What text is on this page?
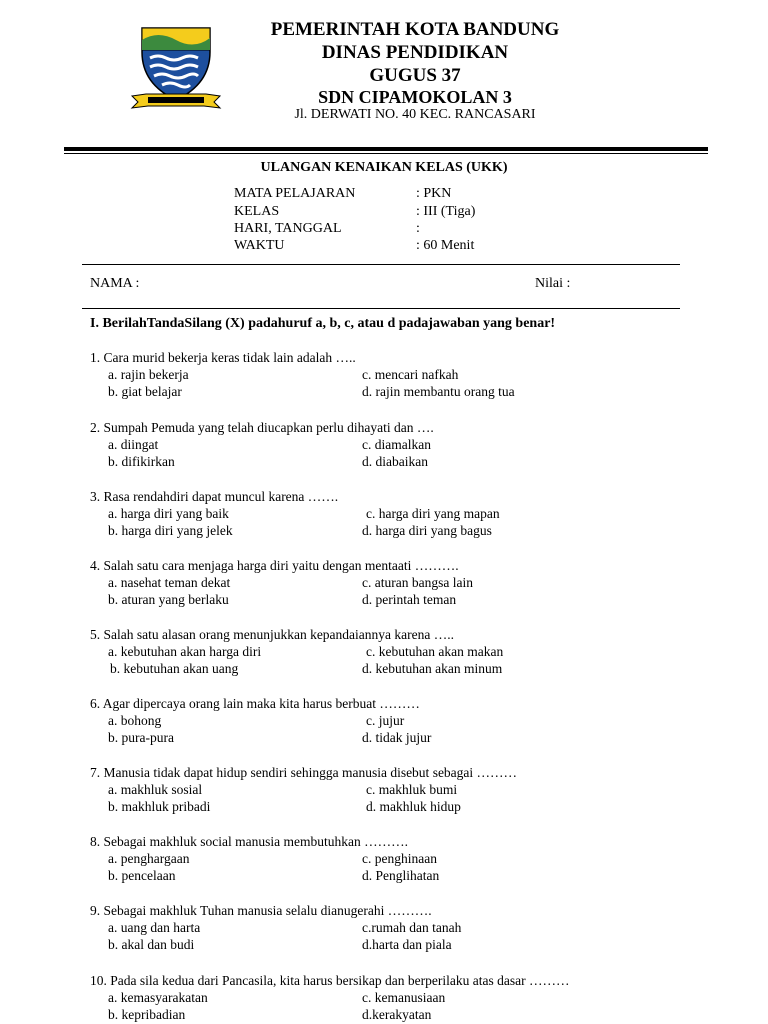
PEMERINTAH KOTA BANDUNG
DINAS PENDIDIKAN
GUGUS 37
SDN CIPAMOKOLAN 3
Jl. DERWATI NO. 40 KEC. RANCASARI
ULANGAN KENAIKAN KELAS (UKK)
MATA PELAJARAN	: PKN
KELAS	: III (Tiga)
HARI, TANGGAL	:
WAKTU	: 60 Menit
NAMA :	Nilai :
I. BerilahTandaSilang (X) padahuruf a, b, c, atau d padajawaban yang benar!
1. Cara murid bekerja keras tidak lain adalah …..
a. rajin bekerja
b. giat belajar
c. mencari nafkah
d. rajin membantu orang tua
2. Sumpah Pemuda yang telah diucapkan perlu dihayati dan ….
a. diingat
b. difikirkan
c. diamalkan
d. diabaikan
3. Rasa rendahdiri dapat muncul karena …….
a. harga diri yang baik
b. harga diri yang jelek
c. harga diri yang mapan
d. harga diri yang bagus
4. Salah satu cara menjaga harga diri yaitu dengan mentaati ……….
a. nasehat teman dekat
b. aturan yang berlaku
c. aturan bangsa lain
d. perintah teman
5. Salah satu alasan orang menunjukkan kepandaiannya karena …..
a. kebutuhan akan harga diri
b. kebutuhan akan uang
c. kebutuhan akan makan
d. kebutuhan akan minum
6. Agar dipercaya orang lain maka kita harus berbuat ………
a. bohong
b. pura-pura
c. jujur
d. tidak jujur
7. Manusia tidak dapat hidup sendiri sehingga manusia disebut sebagai ………
a. makhluk sosial
b. makhluk pribadi
c. makhluk bumi
d. makhluk hidup
8. Sebagai makhluk social manusia membutuhkan ……….
a. penghargaan
b. pencelaan
c. penghinaan
d. Penglihatan
9. Sebagai makhluk Tuhan manusia selalu dianugerahi ……….
a. uang dan harta
b. akal dan budi
c.rumah dan tanah
d.harta dan piala
10. Pada sila kedua dari Pancasila, kita harus bersikap dan berperilaku atas dasar ………
a. kemasyarakatan
b. kepribadian
c. kemanusiaan
d.kerakyatan
